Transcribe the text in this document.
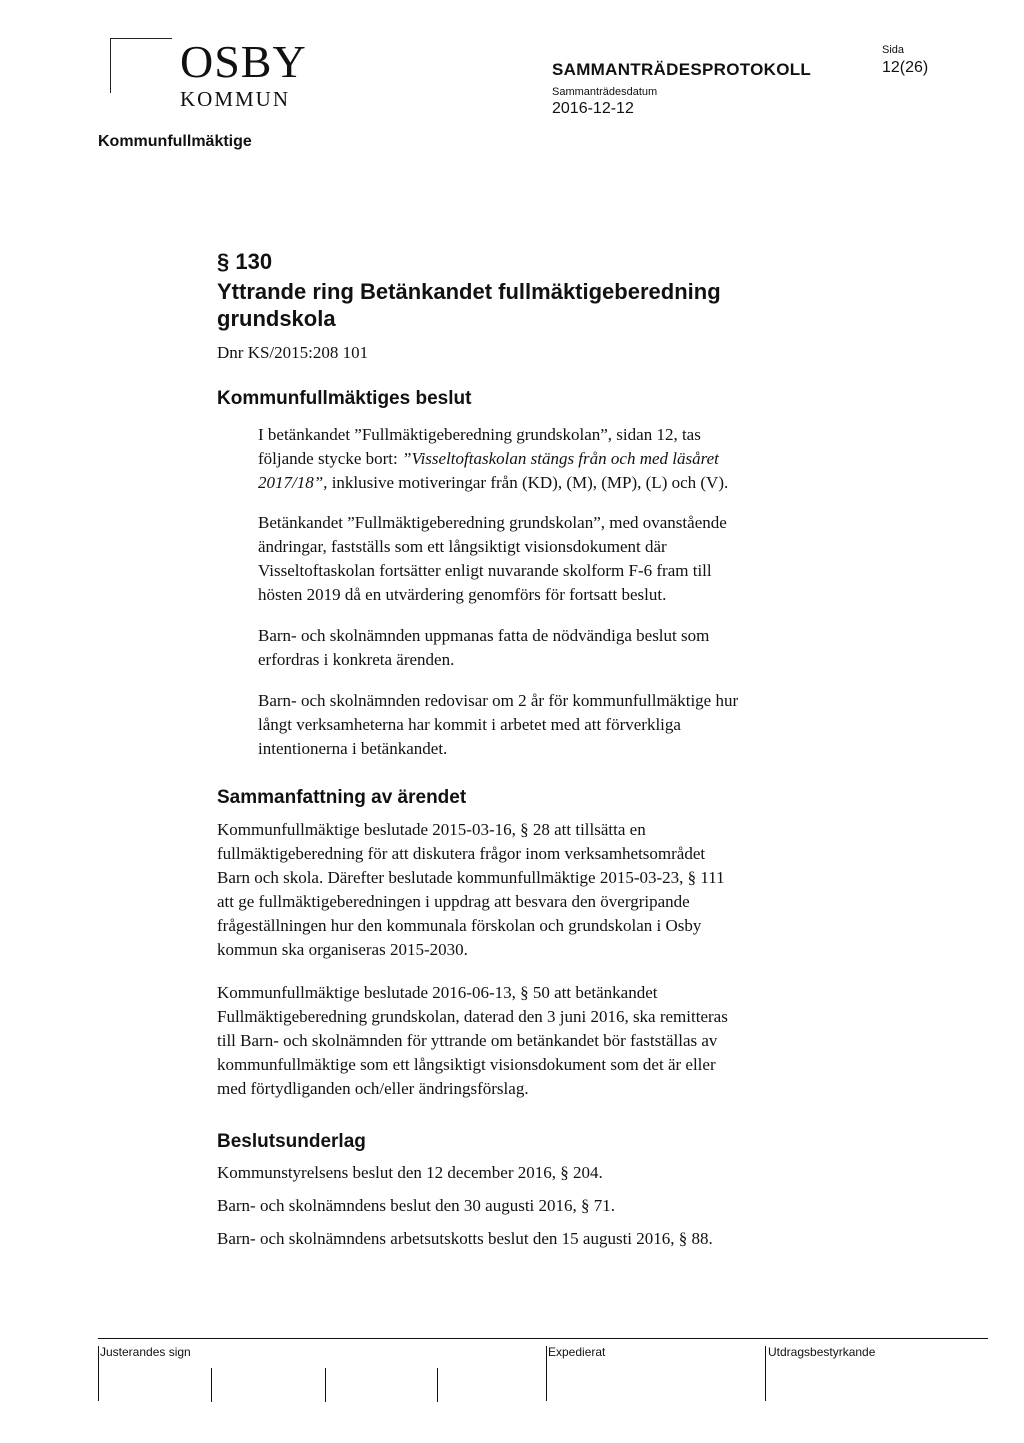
OSBY
KOMMUN
Kommunfullmäktige
SAMMANTRÄDESPROTOKOLL
Sammanträdesdatum
2016-12-12
Sida
12(26)
§ 130
Yttrande ring Betänkandet fullmäktigeberedning grundskola
Dnr KS/2015:208 101
Kommunfullmäktiges beslut
I betänkandet ”Fullmäktigeberedning grundskolan”, sidan 12, tas
följande stycke bort: ”Visseltoftaskolan stängs från och med läsåret
2017/18”, inklusive motiveringar från (KD), (M), (MP), (L) och (V).
Betänkandet ”Fullmäktigeberedning grundskolan”, med ovanstående
ändringar, fastställs som ett långsiktigt visionsdokument där
Visseltoftaskolan fortsätter enligt nuvarande skolform F-6 fram till
hösten 2019 då en utvärdering genomförs för fortsatt beslut.
Barn- och skolnämnden uppmanas fatta de nödvändiga beslut som
erfordras i konkreta ärenden.
Barn- och skolnämnden redovisar om 2 år för kommunfullmäktige hur
långt verksamheterna har kommit i arbetet med att förverkliga
intentionerna i betänkandet.
Sammanfattning av ärendet
Kommunfullmäktige beslutade 2015-03-16, § 28 att tillsätta en
fullmäktigeberedning för att diskutera frågor inom verksamhetsområdet
Barn och skola. Därefter beslutade kommunfullmäktige 2015-03-23, § 111
att ge fullmäktigeberedningen i uppdrag att besvara den övergripande
frågeställningen hur den kommunala förskolan och grundskolan i Osby
kommun ska organiseras 2015-2030.
Kommunfullmäktige beslutade 2016-06-13, § 50 att betänkandet
Fullmäktigeberedning grundskolan, daterad den 3 juni 2016, ska remitteras
till Barn- och skolnämnden för yttrande om betänkandet bör fastställas av
kommunfullmäktige som ett långsiktigt visionsdokument som det är eller
med förtydliganden och/eller ändringsförslag.
Beslutsunderlag
Kommunstyrelsens beslut den 12 december 2016, § 204.
Barn- och skolnämndens beslut den 30 augusti 2016, § 71.
Barn- och skolnämndens arbetsutskotts beslut den 15 augusti 2016, § 88.
Justerandes sign	Expedierat	Utdragsbestyrkande
